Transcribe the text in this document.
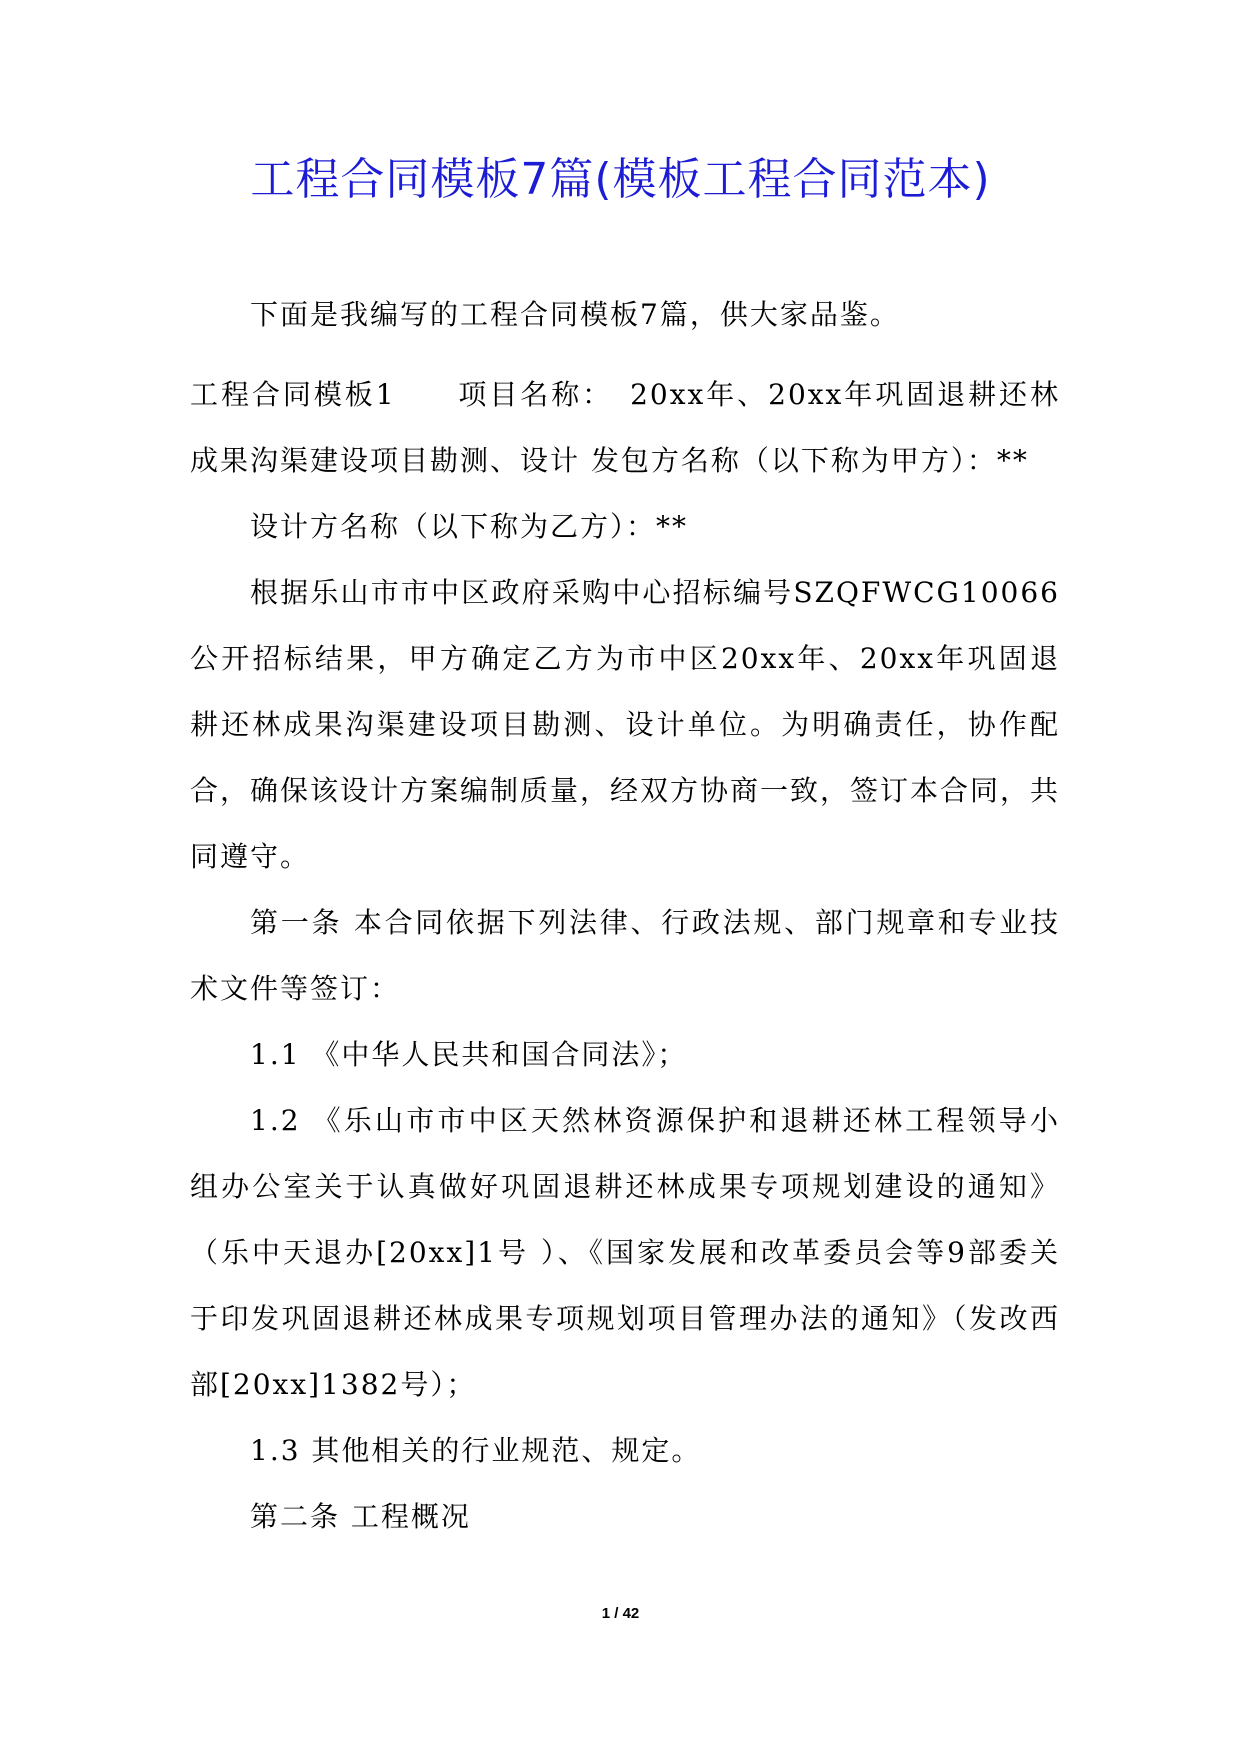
工程合同模板7篇(模板工程合同范本)
下面是我编写的工程合同模板7篇，供大家品鉴。

工程合同模板1　　项目名称：　20xx年、20xx年巩固退耕还林成果沟渠建设项目勘测、设计 发包方名称（以下称为甲方）：**

设计方名称（以下称为乙方）：**

根据乐山市市中区政府采购中心招标编号SZQFWCG10066公开招标结果，甲方确定乙方为市中区20xx年、20xx年巩固退耕还林成果沟渠建设项目勘测、设计单位。为明确责任，协作配合，确保该设计方案编制质量，经双方协商一致，签订本合同，共同遵守。

第一条 本合同依据下列法律、行政法规、部门规章和专业技术文件等签订：

1.1 《中华人民共和国合同法》；

1.2 《乐山市市中区天然林资源保护和退耕还林工程领导小组办公室关于认真做好巩固退耕还林成果专项规划建设的通知》（乐中天退办[20xx]1号 ）、《国家发展和改革委员会等9部委关于印发巩固退耕还林成果专项规划项目管理办法的通知》（发改西部[20xx]1382号）；

1.3 其他相关的行业规范、规定。

第二条 工程概况

1 / 42
